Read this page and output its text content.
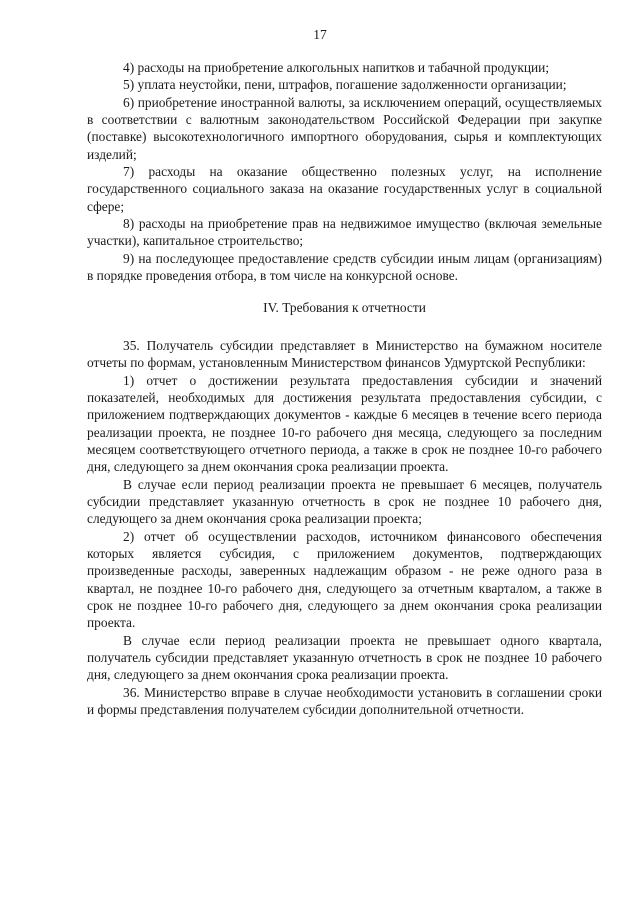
17

4) расходы на приобретение алкогольных напитков и табачной продукции;

5) уплата неустойки, пени, штрафов, погашение задолженности организации;

6) приобретение иностранной валюты, за исключением операций, осуществляемых в соответствии с валютным законодательством Российской Федерации при закупке (поставке) высокотехнологичного импортного оборудования, сырья и комплектующих изделий;

7) расходы на оказание общественно полезных услуг, на исполнение государственного социального заказа на оказание государственных услуг в социальной сфере;

8) расходы на приобретение прав на недвижимое имущество (включая земельные участки), капитальное строительство;

9) на последующее предоставление средств субсидии иным лицам (организациям) в порядке проведения отбора, в том числе на конкурсной основе.

IV. Требования к отчетности

35. Получатель субсидии представляет в Министерство на бумажном носителе отчеты по формам, установленным Министерством финансов Удмуртской Республики:

1) отчет о достижении результата предоставления субсидии и значений показателей, необходимых для достижения результата предоставления субсидии, с приложением подтверждающих документов - каждые 6 месяцев в течение всего периода реализации проекта, не позднее 10-го рабочего дня месяца, следующего за последним месяцем соответствующего отчетного периода, а также в срок не позднее 10-го рабочего дня, следующего за днем окончания срока реализации проекта.

В случае если период реализации проекта не превышает 6 месяцев, получатель субсидии представляет указанную отчетность в срок не позднее 10 рабочего дня, следующего за днем окончания срока реализации проекта;

2) отчет об осуществлении расходов, источником финансового обеспечения которых является субсидия, с приложением документов, подтверждающих произведенные расходы, заверенных надлежащим образом - не реже одного раза в квартал, не позднее 10-го рабочего дня, следующего за отчетным кварталом, а также в срок не позднее 10-го рабочего дня, следующего за днем окончания срока реализации проекта.

В случае если период реализации проекта не превышает одного квартала, получатель субсидии представляет указанную отчетность в срок не позднее 10 рабочего дня, следующего за днем окончания срока реализации проекта.

36. Министерство вправе в случае необходимости установить в соглашении сроки и формы представления получателем субсидии дополнительной отчетности.
